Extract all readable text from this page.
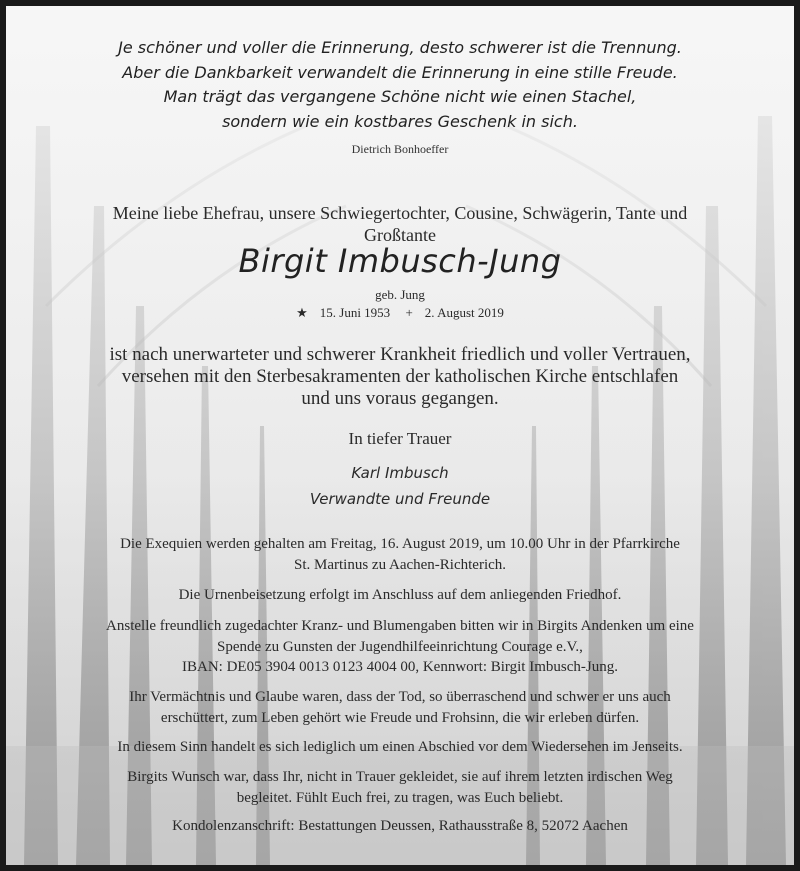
Je schöner und voller die Erinnerung, desto schwerer ist die Trennung.
Aber die Dankbarkeit verwandelt die Erinnerung in eine stille Freude.
Man trägt das vergangene Schöne nicht wie einen Stachel,
sondern wie ein kostbares Geschenk in sich.
Dietrich Bonhoeffer
Meine liebe Ehefrau, unsere Schwiegertochter, Cousine, Schwägerin, Tante und
Großtante
Birgit Imbusch-Jung
geb. Jung
★ 15. Juni 1953 + 2. August 2019
ist nach unerwarteter und schwerer Krankheit friedlich und voller Vertrauen,
versehen mit den Sterbesakramenten der katholischen Kirche entschlafen
und uns voraus gegangen.
In tiefer Trauer
Karl Imbusch
Verwandte und Freunde
Die Exequien werden gehalten am Freitag, 16. August 2019, um 10.00 Uhr in der Pfarrkirche
St. Martinus zu Aachen-Richterich.
Die Urnenbeisetzung erfolgt im Anschluss auf dem anliegenden Friedhof.
Anstelle freundlich zugedachter Kranz- und Blumengaben bitten wir in Birgits Andenken um eine
Spende zu Gunsten der Jugendhilfeeinrichtung Courage e.V.,
IBAN: DE05 3904 0013 0123 4004 00, Kennwort: Birgit Imbusch-Jung.
Ihr Vermächtnis und Glaube waren, dass der Tod, so überraschend und schwer er uns auch
erschüttert, zum Leben gehört wie Freude und Frohsinn, die wir erleben dürfen.
In diesem Sinn handelt es sich lediglich um einen Abschied vor dem Wiedersehen im Jenseits.
Birgits Wunsch war, dass Ihr, nicht in Trauer gekleidet, sie auf ihrem letzten irdischen Weg
begleitet. Fühlt Euch frei, zu tragen, was Euch beliebt.
Kondolenzanschrift: Bestattungen Deussen, Rathausstraße 8, 52072 Aachen
